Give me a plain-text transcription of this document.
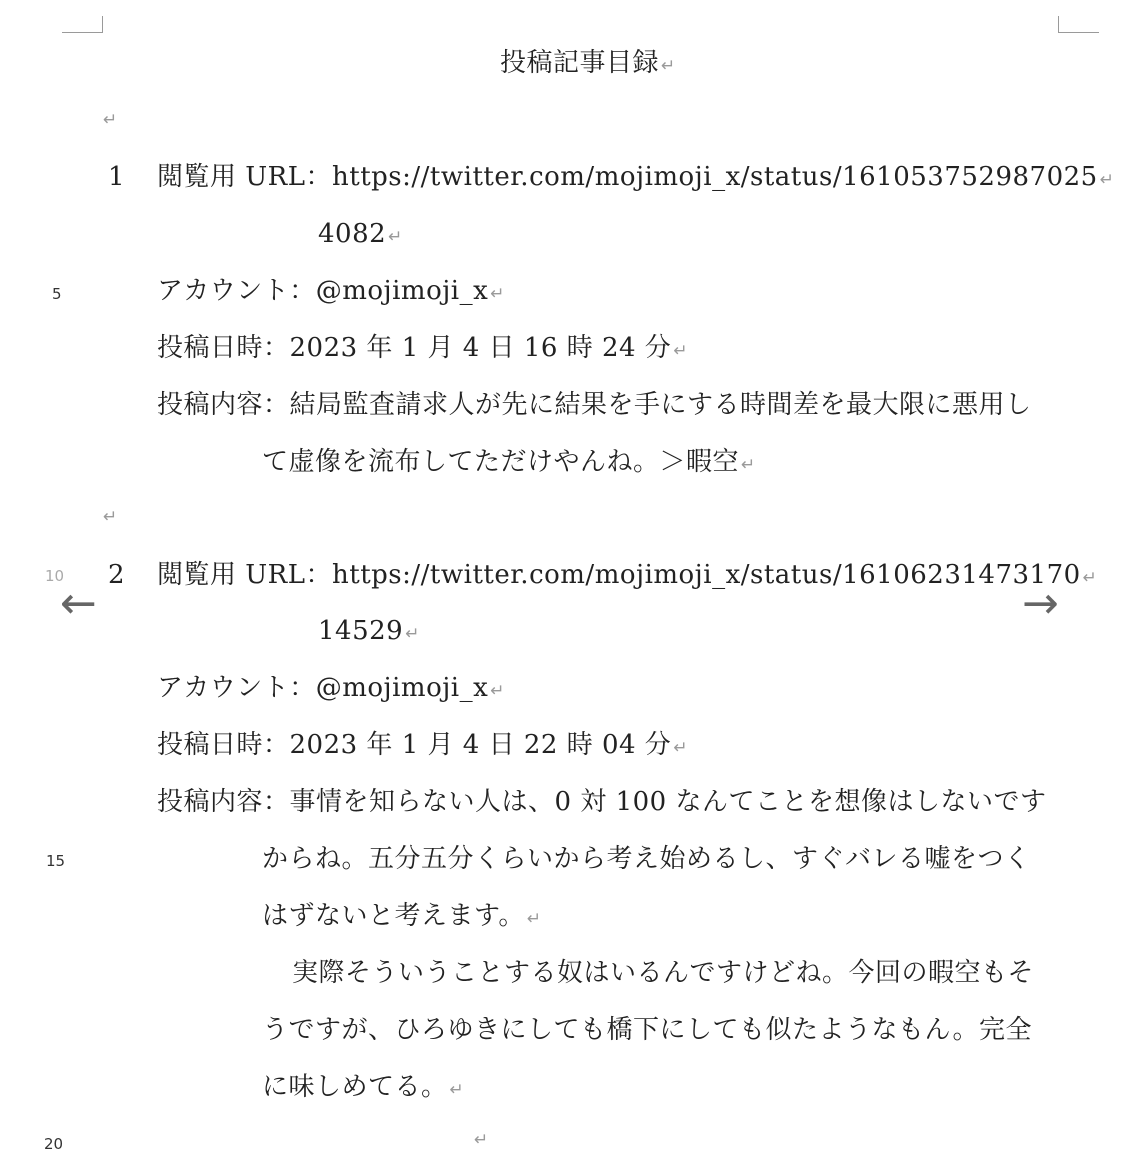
投稿記事目録 ↵
↵
1 閲覧用 URL：https://twitter.com/mojimoji_x/status/161053752987025 ↵
4082 ↵
アカウント：@mojimoji_x ↵
投稿日時：2023 年 1 月 4 日 16 時 24 分 ↵
投稿内容：結局監査請求人が先に結果を手にする時間差を最大限に悪用し
て虚像を流布してただけやんね。＞暇空 ↵
↵
2 閲覧用 URL：https://twitter.com/mojimoji_x/status/16106231473170 ↵
14529 ↵
アカウント：@mojimoji_x ↵
投稿日時：2023 年 1 月 4 日 22 時 04 分 ↵
投稿内容：事情を知らない人は、0 対 100 なんてことを想像はしないです
からね。五分五分くらいから考え始めるし、すぐバレる嘘をつく
はずないと考えます。 ↵
実際そういうことする奴はいるんですけどね。今回の暇空もそ
うですが、ひろゆきにしても橋下にしても似たようなもん。完全
に味しめてる。 ↵
↵
5
10
15
20
←	→
